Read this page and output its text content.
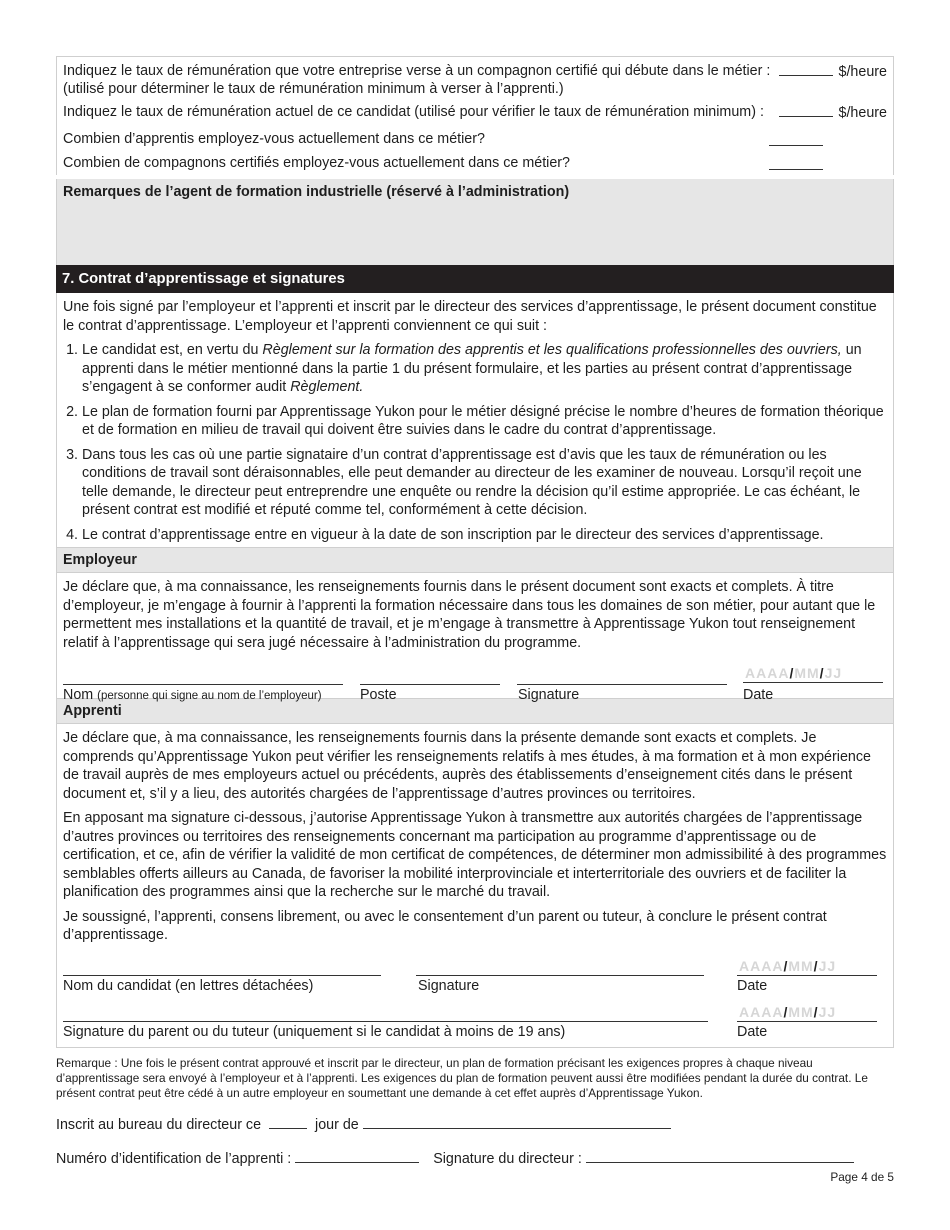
Indiquez le taux de rémunération que votre entreprise verse à un compagnon certifié qui débute dans le métier :
(utilisé pour déterminer le taux de rémunération minimum à verser à l’apprenti.)
$/heure
Indiquez le taux de rémunération actuel de ce candidat (utilisé pour vérifier le taux de rémunération minimum) :	$/heure
Combien d’apprentis employez-vous actuellement dans ce métier?
Combien de compagnons certifiés employez-vous actuellement dans ce métier?
Remarques de l’agent de formation industrielle (réservé à l’administration)
7. Contrat d’apprentissage et signatures
Une fois signé par l’employeur et l’apprenti et inscrit par le directeur des services d’apprentissage, le présent document constitue le contrat d’apprentissage. L’employeur et l’apprenti conviennent ce qui suit :
1. Le candidat est, en vertu du Règlement sur la formation des apprentis et les qualifications professionnelles des ouvriers, un apprenti dans le métier mentionné dans la partie 1 du présent formulaire, et les parties au présent contrat d’apprentissage s’engagent à se conformer audit Règlement.
2. Le plan de formation fourni par Apprentissage Yukon pour le métier désigné précise le nombre d’heures de formation théorique et de formation en milieu de travail qui doivent être suivies dans le cadre du contrat d’apprentissage.
3. Dans tous les cas où une partie signataire d’un contrat d’apprentissage est d’avis que les taux de rémunération ou les conditions de travail sont déraisonnables, elle peut demander au directeur de les examiner de nouveau. Lorsqu’il reçoit une telle demande, le directeur peut entreprendre une enquête ou rendre la décision qu’il estime appropriée. Le cas échéant, le présent contrat est modifié et réputé comme tel, conformément à cette décision.
4. Le contrat d’apprentissage entre en vigueur à la date de son inscription par le directeur des services d’apprentissage.
Employeur

Je déclare que, à ma connaissance, les renseignements fournis dans le présent document sont exacts et complets. À titre d’employeur, je m’engage à fournir à l’apprenti la formation nécessaire dans tous les domaines de son métier, pour autant que le permettent mes installations et la quantité de travail, et je m’engage à transmettre à Apprentissage Yukon tout renseignement relatif à l’apprentissage qui sera jugé nécessaire à l’administration du programme.

Nom (personne qui signe au nom de l’employeur)	Poste	Signature
AAAA/MM/JJ
Date
Apprenti

Je déclare que, à ma connaissance, les renseignements fournis dans la présente demande sont exacts et complets. Je comprends qu’Apprentissage Yukon peut vérifier les renseignements relatifs à mes études, à ma formation et à mon expérience de travail auprès de mes employeurs actuel ou précédents, auprès des établissements d’enseignement cités dans le présent document et, s’il y a lieu, des autorités chargées de l’apprentissage d’autres provinces ou territoires.

En apposant ma signature ci-dessous, j’autorise Apprentissage Yukon à transmettre aux autorités chargées de l’apprentissage d’autres provinces ou territoires des renseignements concernant ma participation au programme d’apprentissage ou de certification, et ce, afin de vérifier la validité de mon certificat de compétences, de déterminer mon admissibilité à des programmes semblables offerts ailleurs au Canada, de favoriser la mobilité interprovinciale et interterritoriale des ouvriers et de faciliter la planification des programmes ainsi que la recherche sur le marché du travail.

Je soussigné, l’apprenti, consens librement, ou avec le consentement d’un parent ou tuteur, à conclure le présent contrat d’apprentissage.

Nom du candidat (en lettres détachées)	Signature
AAAA/MM/JJ
Date
Signature du parent ou du tuteur (uniquement si le candidat à moins de 19 ans)
AAAA/MM/JJ
Date
Remarque : Une fois le présent contrat approuvé et inscrit par le directeur, un plan de formation précisant les exigences propres à chaque niveau d’apprentissage sera envoyé à l’employeur et à l’apprenti. Les exigences du plan de formation peuvent aussi être modifiées pendant la durée du contrat. Le présent contrat peut être cédé à un autre employeur en soumettant une demande à cet effet auprès d’Apprentissage Yukon.
Inscrit au bureau du directeur ce	jour de
Numéro d’identification de l’apprenti :	Signature du directeur :
Page 4 de 5
